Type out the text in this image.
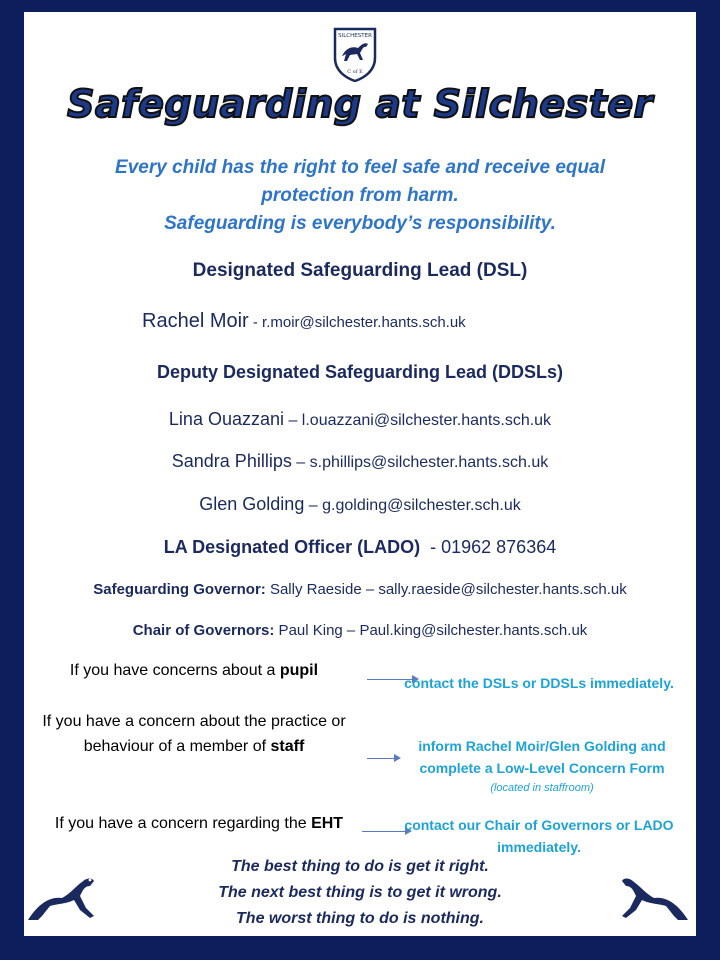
SILCHESTER
C of E
Safeguarding at Silchester
Every child has the right to feel safe and receive equal
protection from harm.
Safeguarding is everybody’s responsibility.
Designated Safeguarding Lead (DSL)
Rachel Moir - r.moir@silchester.hants.sch.uk
Deputy Designated Safeguarding Lead (DDSLs)
Lina Ouazzani – l.ouazzani@silchester.hants.sch.uk
Sandra Phillips – s.phillips@silchester.hants.sch.uk
Glen Golding – g.golding@silchester.sch.uk
LA Designated Officer (LADO)  - 01962 876364
Safeguarding Governor: Sally Raeside – sally.raeside@silchester.hants.sch.uk
Chair of Governors: Paul King – Paul.king@silchester.hants.sch.uk
If you have concerns about a pupil
contact the DSLs or DDSLs immediately.
If you have a concern about the practice or behaviour of a member of staff	inform Rachel Moir/Glen Golding and complete a Low-Level Concern Form
(located in staffroom)
If you have a concern regarding the EHT	contact our Chair of Governors or LADO immediately.
The best thing to do is get it right.
The next best thing is to get it wrong.
The worst thing to do is nothing.
